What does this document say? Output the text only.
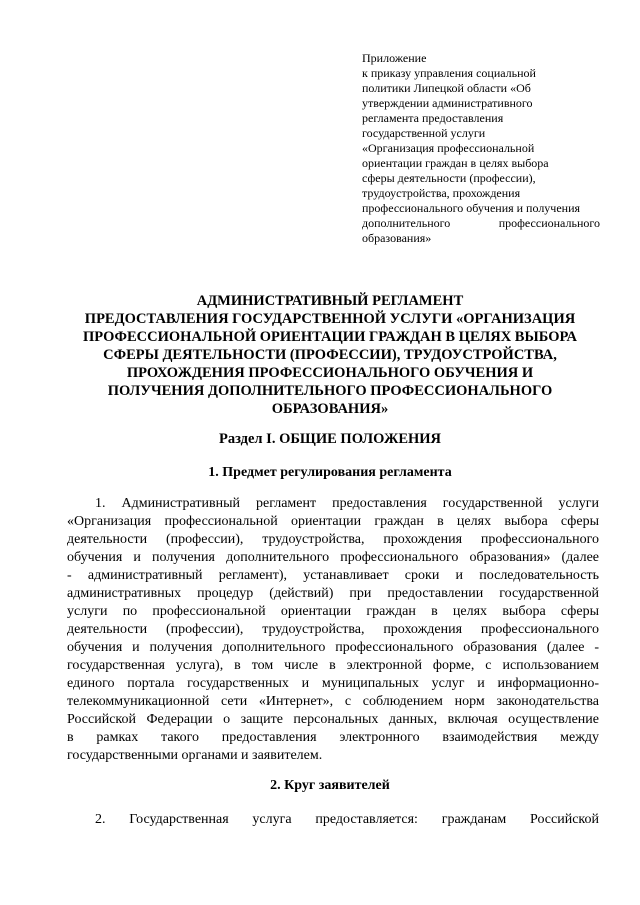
Приложение
к приказу управления социальной
политики Липецкой области «Об
утверждении административного
регламента предоставления
государственной услуги
«Организация профессиональной
ориентации граждан в целях выбора
сферы деятельности (профессии),
трудоустройства, прохождения
профессионального обучения и получения
дополнительного профессионального
образования»
АДМИНИСТРАТИВНЫЙ РЕГЛАМЕНТ
ПРЕДОСТАВЛЕНИЯ ГОСУДАРСТВЕННОЙ УСЛУГИ «ОРГАНИЗАЦИЯ
ПРОФЕССИОНАЛЬНОЙ ОРИЕНТАЦИИ ГРАЖДАН В ЦЕЛЯХ ВЫБОРА
СФЕРЫ ДЕЯТЕЛЬНОСТИ (ПРОФЕССИИ), ТРУДОУСТРОЙСТВА,
ПРОХОЖДЕНИЯ ПРОФЕССИОНАЛЬНОГО ОБУЧЕНИЯ И
ПОЛУЧЕНИЯ ДОПОЛНИТЕЛЬНОГО ПРОФЕССИОНАЛЬНОГО
ОБРАЗОВАНИЯ»
Раздел I. ОБЩИЕ ПОЛОЖЕНИЯ
1. Предмет регулирования регламента
1. Административный регламент предоставления государственной услуги
«Организация профессиональной ориентации граждан в целях выбора сферы
деятельности (профессии), трудоустройства, прохождения профессионального
обучения и получения дополнительного профессионального образования» (далее
- административный регламент), устанавливает сроки и последовательность
административных процедур (действий) при предоставлении государственной
услуги по профессиональной ориентации граждан в целях выбора сферы
деятельности (профессии), трудоустройства, прохождения профессионального
обучения и получения дополнительного профессионального образования (далее -
государственная услуга), в том числе в электронной форме, с использованием
единого портала государственных и муниципальных услуг и информационно-
телекоммуникационной сети «Интернет», с соблюдением норм законодательства
Российской Федерации о защите персональных данных, включая осуществление
в рамках такого предоставления электронного взаимодействия между
государственными органами и заявителем.
2. Круг заявителей
2. Государственная услуга предоставляется: гражданам Российской
